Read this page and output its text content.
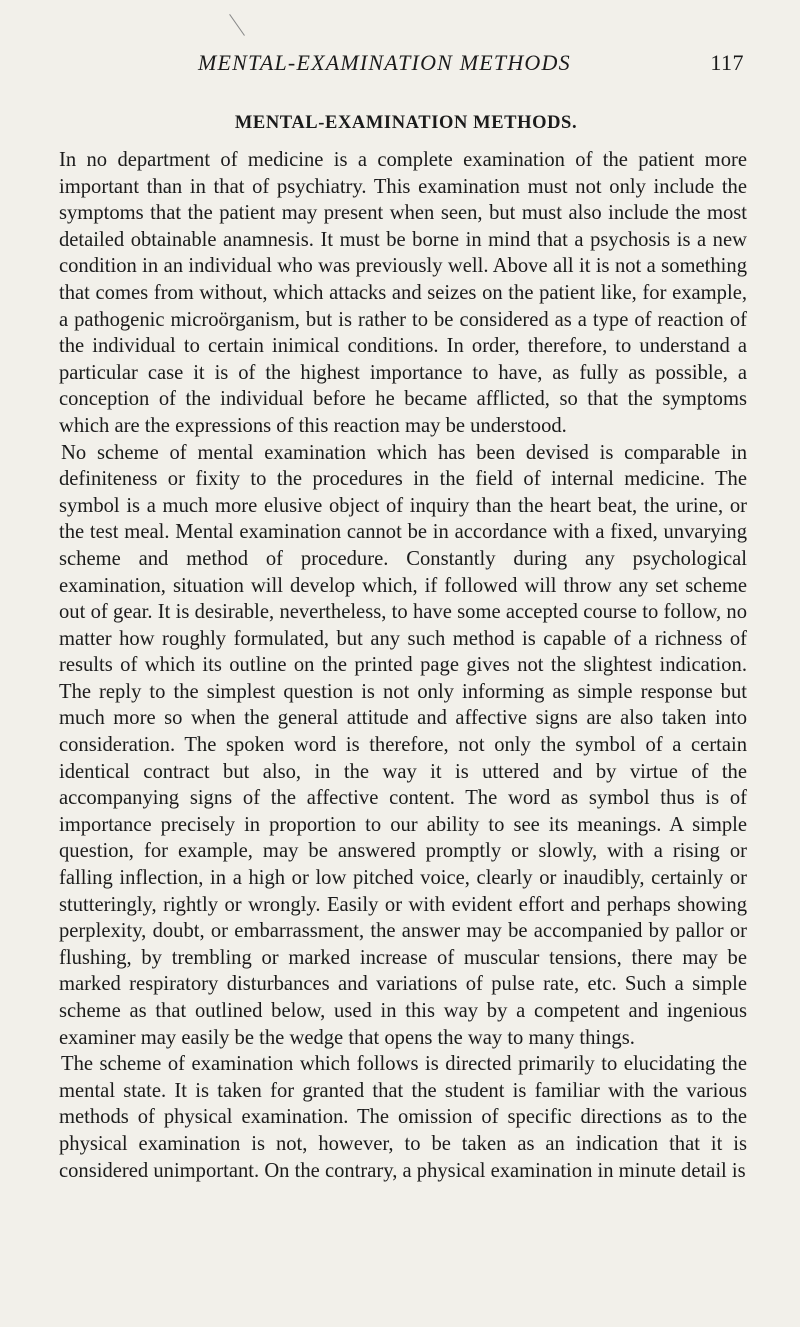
MENTAL-EXAMINATION METHODS	117
MENTAL-EXAMINATION METHODS.

In no department of medicine is a complete examination of the patient more important than in that of psychiatry. This examination must not only include the symptoms that the patient may present when seen, but must also include the most detailed obtainable anamnesis. It must be borne in mind that a psychosis is a new condition in an individual who was previously well. Above all it is not a something that comes from without, which attacks and seizes on the patient like, for example, a pathogenic microörganism, but is rather to be considered as a type of reaction of the individual to certain inimical conditions. In order, therefore, to understand a particular case it is of the highest importance to have, as fully as possible, a conception of the individual before he became afflicted, so that the symptoms which are the expressions of this reaction may be understood.

No scheme of mental examination which has been devised is comparable in definiteness or fixity to the procedures in the field of internal medicine. The symbol is a much more elusive object of inquiry than the heart beat, the urine, or the test meal. Mental examination cannot be in accordance with a fixed, unvarying scheme and method of procedure. Constantly during any psychological examination, situation will develop which, if followed will throw any set scheme out of gear. It is desirable, nevertheless, to have some accepted course to follow, no matter how roughly formulated, but any such method is capable of a richness of results of which its outline on the printed page gives not the slightest indication. The reply to the simplest question is not only informing as simple response but much more so when the general attitude and affective signs are also taken into consideration. The spoken word is therefore, not only the symbol of a certain identical contract but also, in the way it is uttered and by virtue of the accompanying signs of the affective content. The word as symbol thus is of importance precisely in proportion to our ability to see its meanings. A simple question, for example, may be answered promptly or slowly, with a rising or falling inflection, in a high or low pitched voice, clearly or inaudibly, certainly or stutteringly, rightly or wrongly. Easily or with evident effort and perhaps showing perplexity, doubt, or embarrassment, the answer may be accompanied by pallor or flushing, by trembling or marked increase of muscular tensions, there may be marked respiratory disturbances and variations of pulse rate, etc. Such a simple scheme as that outlined below, used in this way by a competent and ingenious examiner may easily be the wedge that opens the way to many things.

The scheme of examination which follows is directed primarily to elucidating the mental state. It is taken for granted that the student is familiar with the various methods of physical examination. The omission of specific directions as to the physical examination is not, however, to be taken as an indication that it is considered unimportant. On the contrary, a physical examination in minute detail is
